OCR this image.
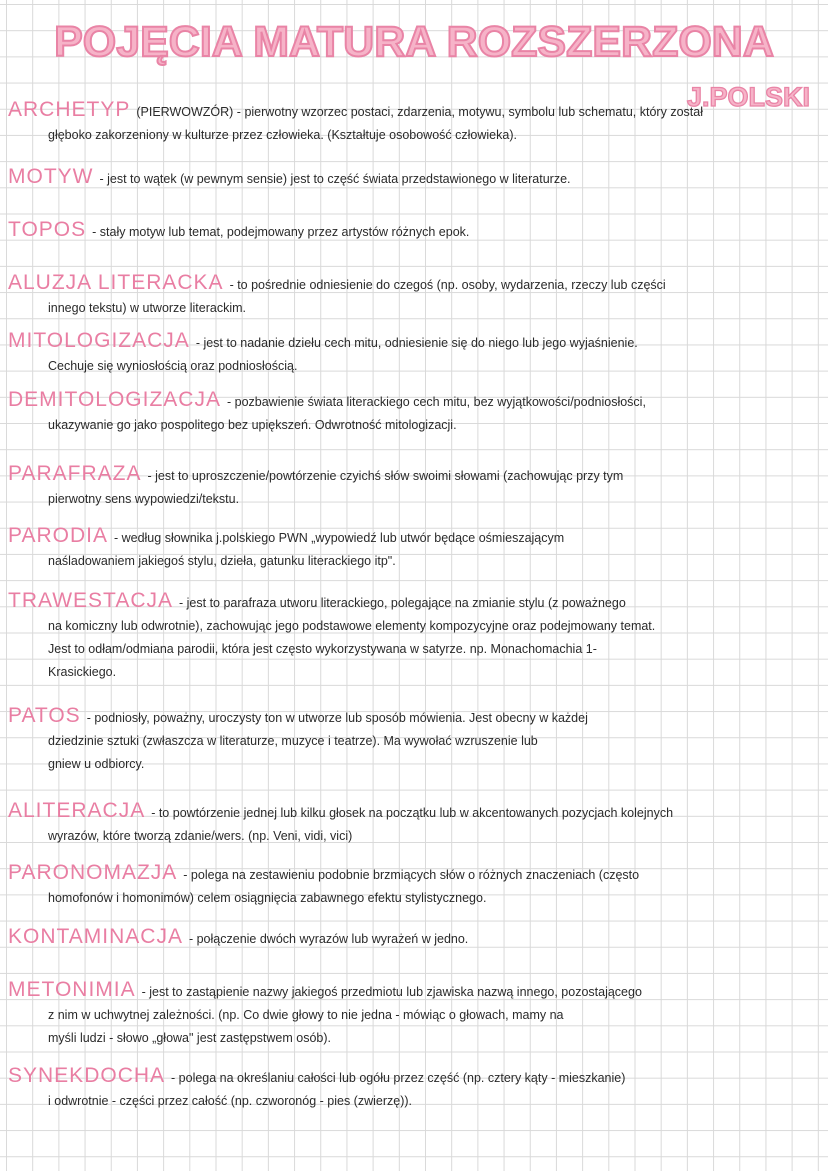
POJĘCIA MATURA ROZSZERZONA
J.POLSKI
ARCHETYP (PIERWOWZÓR) - pierwotny wzorzec postaci, zdarzenia, motywu, symbolu lub schematu, który został
głęboko zakorzeniony w kulturze przez człowieka. (Kształtuje osobowość człowieka).
MOTYW - jest to wątek (w pewnym sensie) jest to część świata przedstawionego w literaturze.
TOPOS - stały motyw lub temat, podejmowany przez artystów różnych epok.
ALUZJA LITERACKA - to pośrednie odniesienie do czegoś (np. osoby, wydarzenia, rzeczy lub części
innego tekstu) w utworze literackim.
MITOLOGIZACJA - jest to nadanie dziełu cech mitu, odniesienie się do niego lub jego wyjaśnienie.
Cechuje się wyniosłością oraz podniosłością.
DEMITOLOGIZACJA - pozbawienie świata literackiego cech mitu, bez wyjątkowości/podniosłości,
ukazywanie go jako pospolitego bez upiększeń. Odwrotność mitologizacji.
PARAFRAZA - jest to uproszczenie/powtórzenie czyichś słów swoimi słowami (zachowując przy tym
pierwotny sens wypowiedzi/tekstu.
PARODIA - według słownika j.polskiego PWN „wypowiedź lub utwór będące ośmieszającym
naśladowaniem jakiegoś stylu, dzieła, gatunku literackiego itp".
TRAWESTACJA - jest to parafraza utworu literackiego, polegające na zmianie stylu (z poważnego
na komiczny lub odwrotnie), zachowując jego podstawowe elementy kompozycyjne oraz podejmowany temat.
Jest to odłam/odmiana parodii, która jest często wykorzystywana w satyrze. np. Monachomachia 1-
Krasickiego.
PATOS - podniosły, poważny, uroczysty ton w utworze lub sposób mówienia. Jest obecny w każdej
dziedzinie sztuki (zwłaszcza w literaturze, muzyce i teatrze). Ma wywołać wzruszenie lub
gniew u odbiorcy.
ALITERACJA - to powtórzenie jednej lub kilku głosek na początku lub w akcentowanych pozycjach kolejnych
wyrazów, które tworzą zdanie/wers. (np. Veni, vidi, vici)
PARONOMAZJA - polega na zestawieniu podobnie brzmiących słów o różnych znaczeniach (często
homofonów i homonimów) celem osiągnięcia zabawnego efektu stylistycznego.
KONTAMINACJA - połączenie dwóch wyrazów lub wyrażeń w jedno.
METONIMIA - jest to zastąpienie nazwy jakiegoś przedmiotu lub zjawiska nazwą innego, pozostającego
z nim w uchwytnej zależności. (np. Co dwie głowy to nie jedna - mówiąc o głowach, mamy na
myśli ludzi - słowo „głowa" jest zastępstwem osób).
SYNEKDOCHA - polega na określaniu całości lub ogółu przez część (np. cztery kąty - mieszkanie)
i odwrotnie - części przez całość (np. czworonóg - pies (zwierzę)).
